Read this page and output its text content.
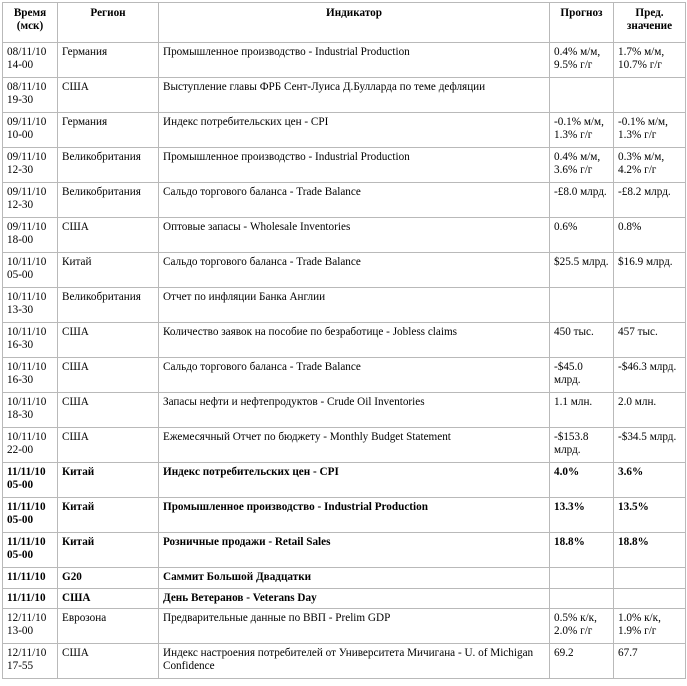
Время (мск)	Регион	Индикатор	Прогноз	Пред. значение
08/11/10 14-00	Германия	Промышленное производство - Industrial Production	0.4% м/м, 9.5% г/г	1.7% м/м, 10.7% г/г
08/11/10 19-30	США	Выступление главы ФРБ Сент-Луиса Д.Булларда по теме дефляции		
09/11/10 10-00	Германия	Индекс потребительских цен - CPI	-0.1% м/м, 1.3% г/г	-0.1% м/м, 1.3% г/г
09/11/10 12-30	Великобритания	Промышленное производство - Industrial Production	0.4% м/м, 3.6% г/г	0.3% м/м, 4.2% г/г
09/11/10 12-30	Великобритания	Сальдо торгового баланса - Trade Balance	-£8.0 млрд.	-£8.2 млрд.
09/11/10 18-00	США	Оптовые запасы - Wholesale Inventories	0.6%	0.8%
10/11/10 05-00	Китай	Сальдо торгового баланса - Trade Balance	$25.5 млрд.	$16.9 млрд.
10/11/10 13-30	Великобритания	Отчет по инфляции Банка Англии		
10/11/10 16-30	США	Количество заявок на пособие по безработице - Jobless claims	450 тыс.	457 тыс.
10/11/10 16-30	США	Сальдо торгового баланса - Trade Balance	-$45.0 млрд.	-$46.3 млрд.
10/11/10 18-30	США	Запасы нефти и нефтепродуктов - Crude Oil Inventories	1.1 млн.	2.0 млн.
10/11/10 22-00	США	Ежемесячный Отчет по бюджету - Monthly Budget Statement	-$153.8 млрд.	-$34.5 млрд.
11/11/10 05-00	Китай	Индекс потребительских цен - CPI	4.0%	3.6%
11/11/10 05-00	Китай	Промышленное производство - Industrial Production	13.3%	13.5%
11/11/10 05-00	Китай	Розничные продажи - Retail Sales	18.8%	18.8%
11/11/10	G20	Саммит Большой Двадцатки		
11/11/10	США	День Ветеранов - Veterans Day		
12/11/10 13-00	Еврозона	Предварительные данные по ВВП - Prelim GDP	0.5% к/к, 2.0% г/г	1.0% к/к, 1.9% г/г
12/11/10 17-55	США	Индекс настроения потребителей от Университета Мичигана - U. of Michigan Confidence	69.2	67.7
